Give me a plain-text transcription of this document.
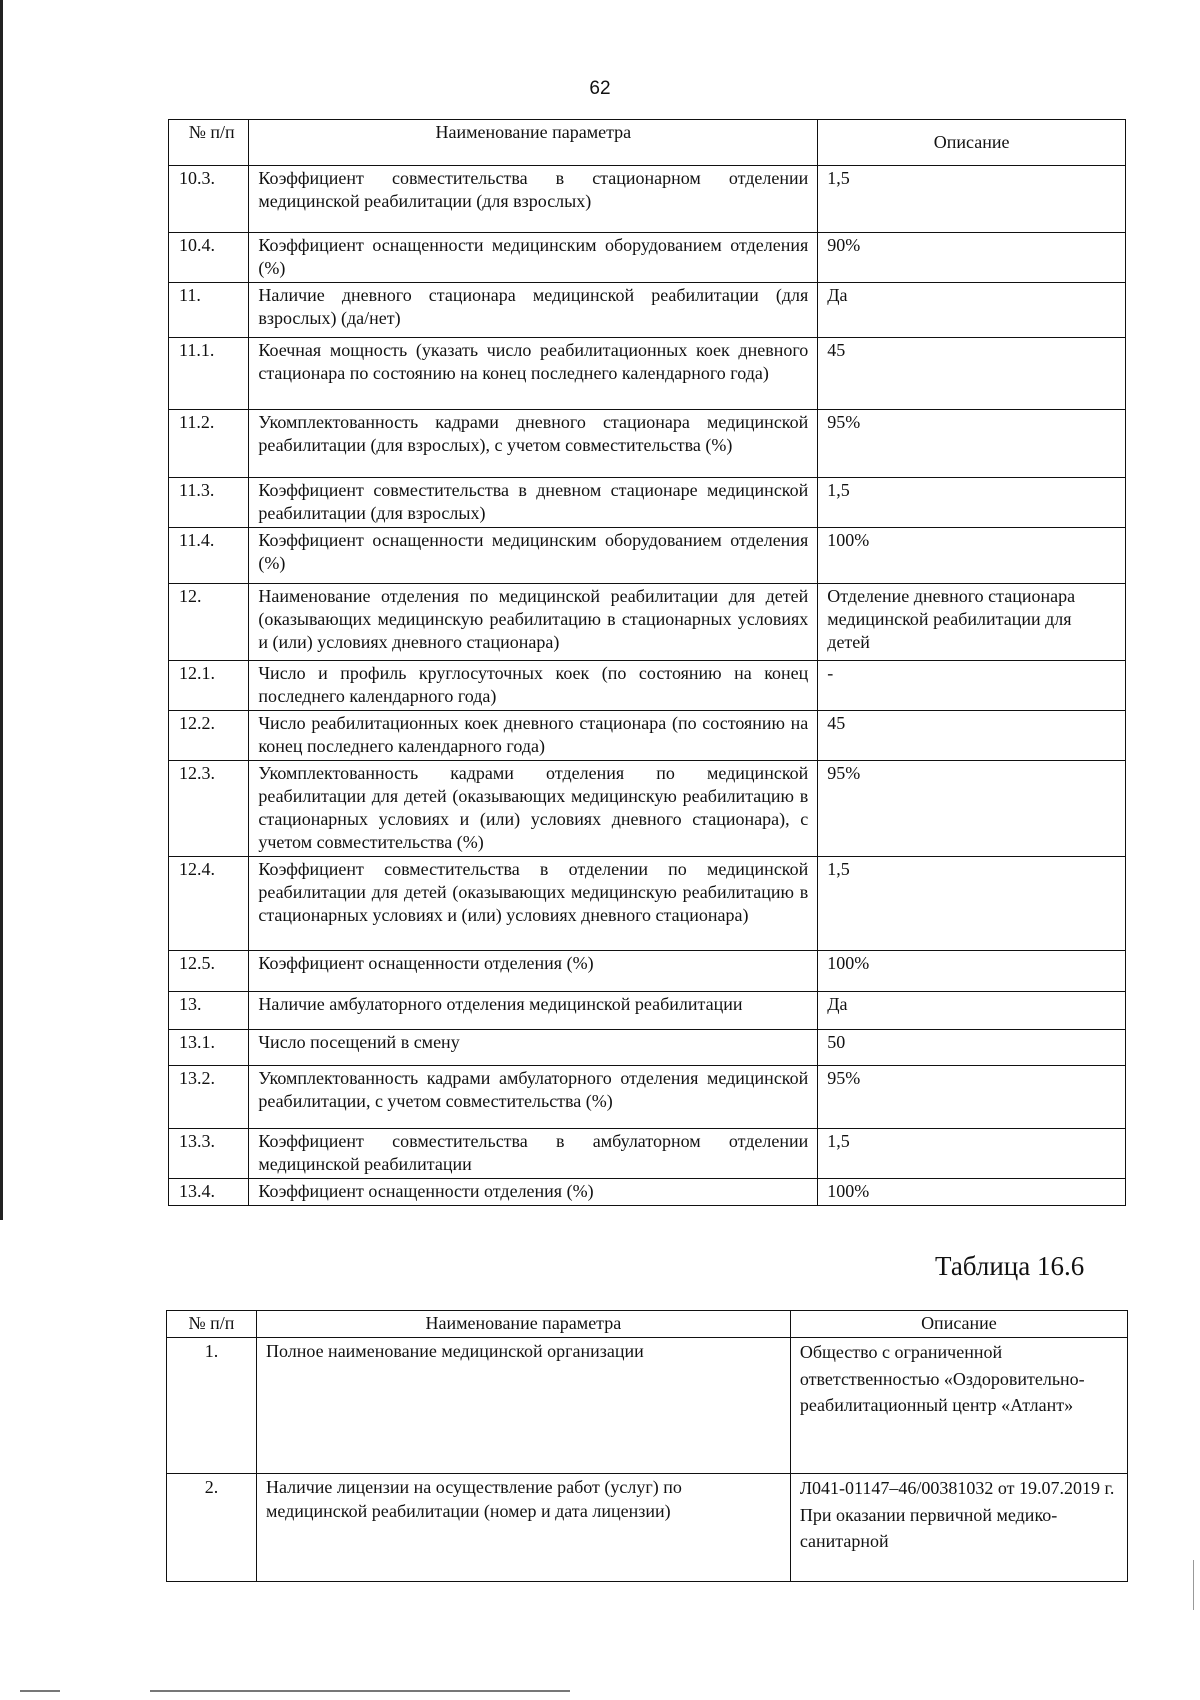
62
№ п/п	Наименование параметра	Описание
10.3.	Коэффициент совместительства в стационарном отделении медицинской реабилитации (для взрослых)	1,5
10.4.	Коэффициент оснащенности медицинским оборудованием отделения (%)	90%
11.	Наличие дневного стационара медицинской реабилитации (для взрослых) (да/нет)	Да
11.1.	Коечная мощность (указать число реабилитационных коек дневного стационара по состоянию на конец последнего календарного года)	45
11.2.	Укомплектованность кадрами дневного стационара медицинской реабилитации (для взрослых), с учетом совместительства (%)	95%
11.3.	Коэффициент совместительства в дневном стационаре медицинской реабилитации (для взрослых)	1,5
11.4.	Коэффициент оснащенности медицинским оборудованием отделения (%)	100%
12.	Наименование отделения по медицинской реабилитации для детей (оказывающих медицинскую реабилитацию в стационарных условиях и (или) условиях дневного стационара)	Отделение дневного стационара медицинской реабилитации для детей
12.1.	Число и профиль круглосуточных коек (по состоянию на конец последнего календарного года)	-
12.2.	Число реабилитационных коек дневного стационара (по состоянию на конец последнего календарного года)	45
12.3.	Укомплектованность кадрами отделения по медицинской реабилитации для детей (оказывающих медицинскую реабилитацию в стационарных условиях и (или) условиях дневного стационара), с учетом совместительства (%)	95%
12.4.	Коэффициент совместительства в отделении по медицинской реабилитации для детей (оказывающих медицинскую реабилитацию в стационарных условиях и (или) условиях дневного стационара)	1,5
12.5.	Коэффициент оснащенности отделения (%)	100%
13.	Наличие амбулаторного отделения медицинской реабилитации	Да
13.1.	Число посещений в смену	50
13.2.	Укомплектованность кадрами амбулаторного отделения медицинской реабилитации, с учетом совместительства (%)	95%
13.3.	Коэффициент совместительства в амбулаторном отделении медицинской реабилитации	1,5
13.4.	Коэффициент оснащенности отделения (%)	100%
Таблица 16.6
№ п/п	Наименование параметра	Описание
1.	Полное наименование медицинской организации	Общество с ограниченной ответственностью «Оздоровительно-реабилитационный центр «Атлант»
2.	Наличие лицензии на осуществление работ (услуг) по медицинской реабилитации (номер и дата лицензии)	Л041-01147–46/00381032 от 19.07.2019 г. При оказании первичной медико-санитарной
